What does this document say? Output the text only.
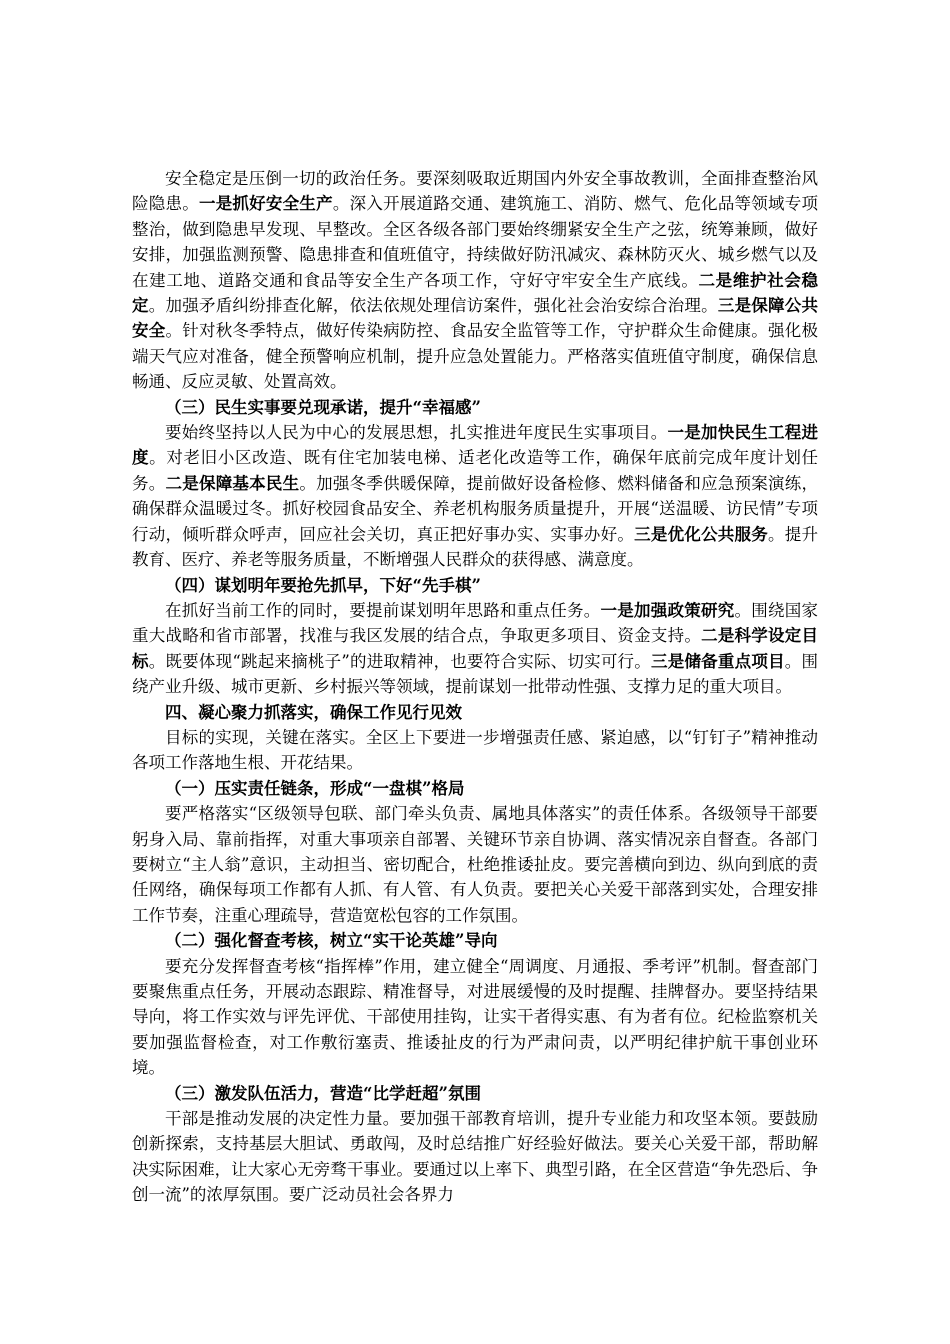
安全稳定是压倒一切的政治任务。要深刻吸取近期国内外安全事故教训，全面排查整治风险隐患。一是抓好安全生产。深入开展道路交通、建筑施工、消防、燃气、危化品等领域专项整治，做到隐患早发现、早整改。全区各级各部门要始终绷紧安全生产之弦，统筹兼顾，做好安排，加强监测预警、隐患排查和值班值守，持续做好防汛减灾、森林防灭火、城乡燃气以及在建工地、道路交通和食品等安全生产各项工作，守好守牢安全生产底线。二是维护社会稳定。加强矛盾纠纷排查化解，依法依规处理信访案件，强化社会治安综合治理。三是保障公共安全。针对秋冬季特点，做好传染病防控、食品安全监管等工作，守护群众生命健康。强化极端天气应对准备，健全预警响应机制，提升应急处置能力。严格落实值班值守制度，确保信息畅通、反应灵敏、处置高效。

（三）民生实事要兑现承诺，提升“幸福感”

要始终坚持以人民为中心的发展思想，扎实推进年度民生实事项目。一是加快民生工程进度。对老旧小区改造、既有住宅加装电梯、适老化改造等工作，确保年底前完成年度计划任务。二是保障基本民生。加强冬季供暖保障，提前做好设备检修、燃料储备和应急预案演练，确保群众温暖过冬。抓好校园食品安全、养老机构服务质量提升，开展“送温暖、访民情”专项行动，倾听群众呼声，回应社会关切，真正把好事办实、实事办好。三是优化公共服务。提升教育、医疗、养老等服务质量，不断增强人民群众的获得感、满意度。

（四）谋划明年要抢先抓早，下好“先手棋”

在抓好当前工作的同时，要提前谋划明年思路和重点任务。一是加强政策研究。围绕国家重大战略和省市部署，找准与我区发展的结合点，争取更多项目、资金支持。二是科学设定目标。既要体现“跳起来摘桃子”的进取精神，也要符合实际、切实可行。三是储备重点项目。围绕产业升级、城市更新、乡村振兴等领域，提前谋划一批带动性强、支撑力足的重大项目。

四、凝心聚力抓落实，确保工作见行见效

目标的实现，关键在落实。全区上下要进一步增强责任感、紧迫感，以“钉钉子”精神推动各项工作落地生根、开花结果。

（一）压实责任链条，形成“一盘棋”格局

要严格落实“区级领导包联、部门牵头负责、属地具体落实”的责任体系。各级领导干部要躬身入局、靠前指挥，对重大事项亲自部署、关键环节亲自协调、落实情况亲自督查。各部门要树立“主人翁”意识，主动担当、密切配合，杜绝推诿扯皮。要完善横向到边、纵向到底的责任网络，确保每项工作都有人抓、有人管、有人负责。要把关心关爱干部落到实处，合理安排工作节奏，注重心理疏导，营造宽松包容的工作氛围。

（二）强化督查考核，树立“实干论英雄”导向

要充分发挥督查考核“指挥棒”作用，建立健全“周调度、月通报、季考评”机制。督查部门要聚焦重点任务，开展动态跟踪、精准督导，对进展缓慢的及时提醒、挂牌督办。要坚持结果导向，将工作实效与评先评优、干部使用挂钩，让实干者得实惠、有为者有位。纪检监察机关要加强监督检查，对工作敷衍塞责、推诿扯皮的行为严肃问责，以严明纪律护航干事创业环境。

（三）激发队伍活力，营造“比学赶超”氛围

干部是推动发展的决定性力量。要加强干部教育培训，提升专业能力和攻坚本领。要鼓励创新探索，支持基层大胆试、勇敢闯，及时总结推广好经验好做法。要关心关爱干部，帮助解决实际困难，让大家心无旁骛干事业。要通过以上率下、典型引路，在全区营造“争先恐后、争创一流”的浓厚氛围。要广泛动员社会各界力
